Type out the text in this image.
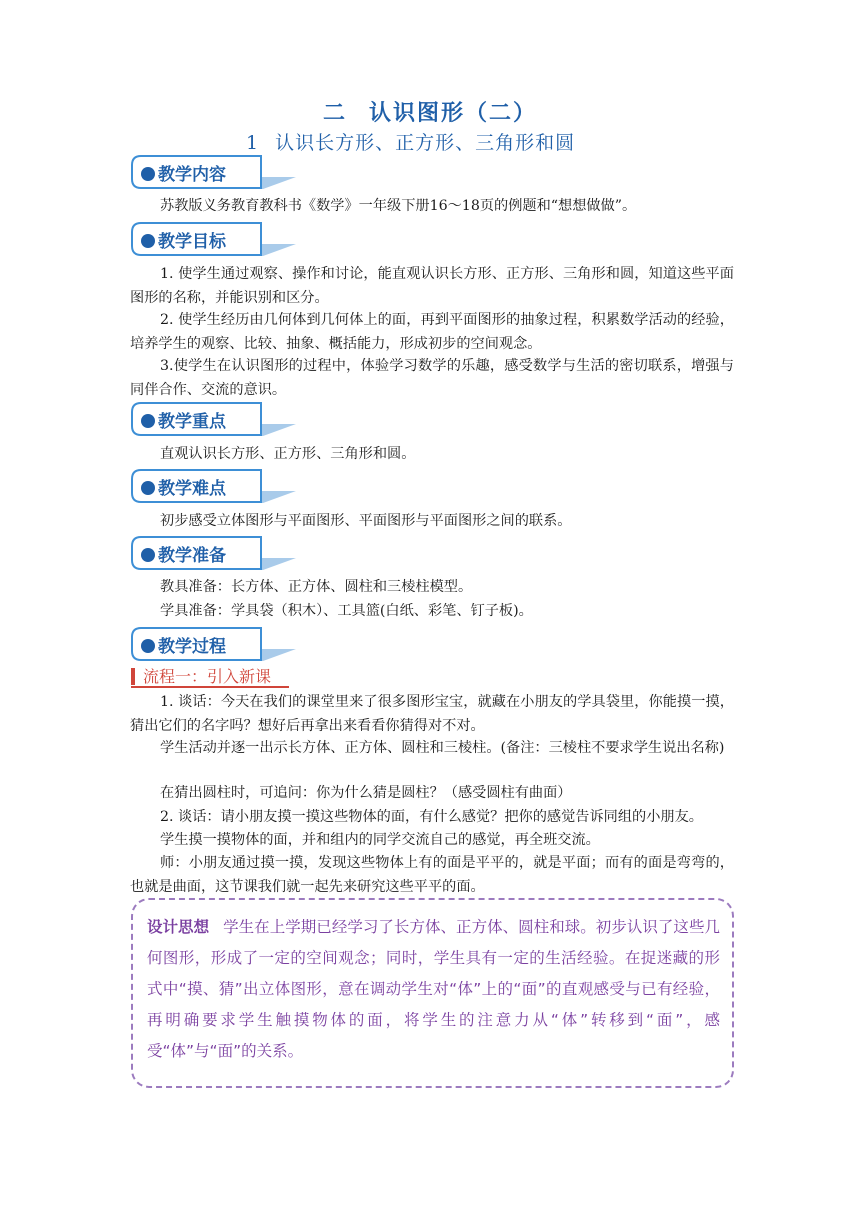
二 认识图形（二）
1 认识长方形、正方形、三角形和圆
教学内容
苏教版义务教育教科书《数学》一年级下册16～18页的例题和“想想做做”。
教学目标
1. 使学生通过观察、操作和讨论，能直观认识长方形、正方形、三角形和圆，知道这些平面图形的名称，并能识别和区分。
2. 使学生经历由几何体到几何体上的面，再到平面图形的抽象过程，积累数学活动的经验，培养学生的观察、比较、抽象、概括能力，形成初步的空间观念。
3.使学生在认识图形的过程中，体验学习数学的乐趣，感受数学与生活的密切联系，增强与同伴合作、交流的意识。
教学重点
直观认识长方形、正方形、三角形和圆。
教学难点
初步感受立体图形与平面图形、平面图形与平面图形之间的联系。
教学准备
教具准备：长方体、正方体、圆柱和三棱柱模型。
学具准备：学具袋（积木）、工具篮(白纸、彩笔、钉子板)。
教学过程
流程一：引入新课
1. 谈话：今天在我们的课堂里来了很多图形宝宝，就藏在小朋友的学具袋里，你能摸一摸，猜出它们的名字吗？想好后再拿出来看看你猜得对不对。
学生活动并逐一出示长方体、正方体、圆柱和三棱柱。(备注：三棱柱不要求学生说出名称)
在猜出圆柱时，可追问：你为什么猜是圆柱？（感受圆柱有曲面）
2. 谈话：请小朋友摸一摸这些物体的面，有什么感觉？把你的感觉告诉同组的小朋友。
学生摸一摸物体的面，并和组内的同学交流自己的感觉，再全班交流。
师：小朋友通过摸一摸，发现这些物体上有的面是平平的，就是平面；而有的面是弯弯的，也就是曲面，这节课我们就一起先来研究这些平平的面。
设计思想 学生在上学期已经学习了长方体、正方体、圆柱和球。初步认识了这些几何图形，形成了一定的空间观念；同时，学生具有一定的生活经验。在捉迷藏的形式中“摸、猜”出立体图形，意在调动学生对“体”上的“面”的直观感受与已有经验，再明确要求学生触摸物体的面，将学生的注意力从“体”转移到“面”，感受“体”与“面”的关系。
